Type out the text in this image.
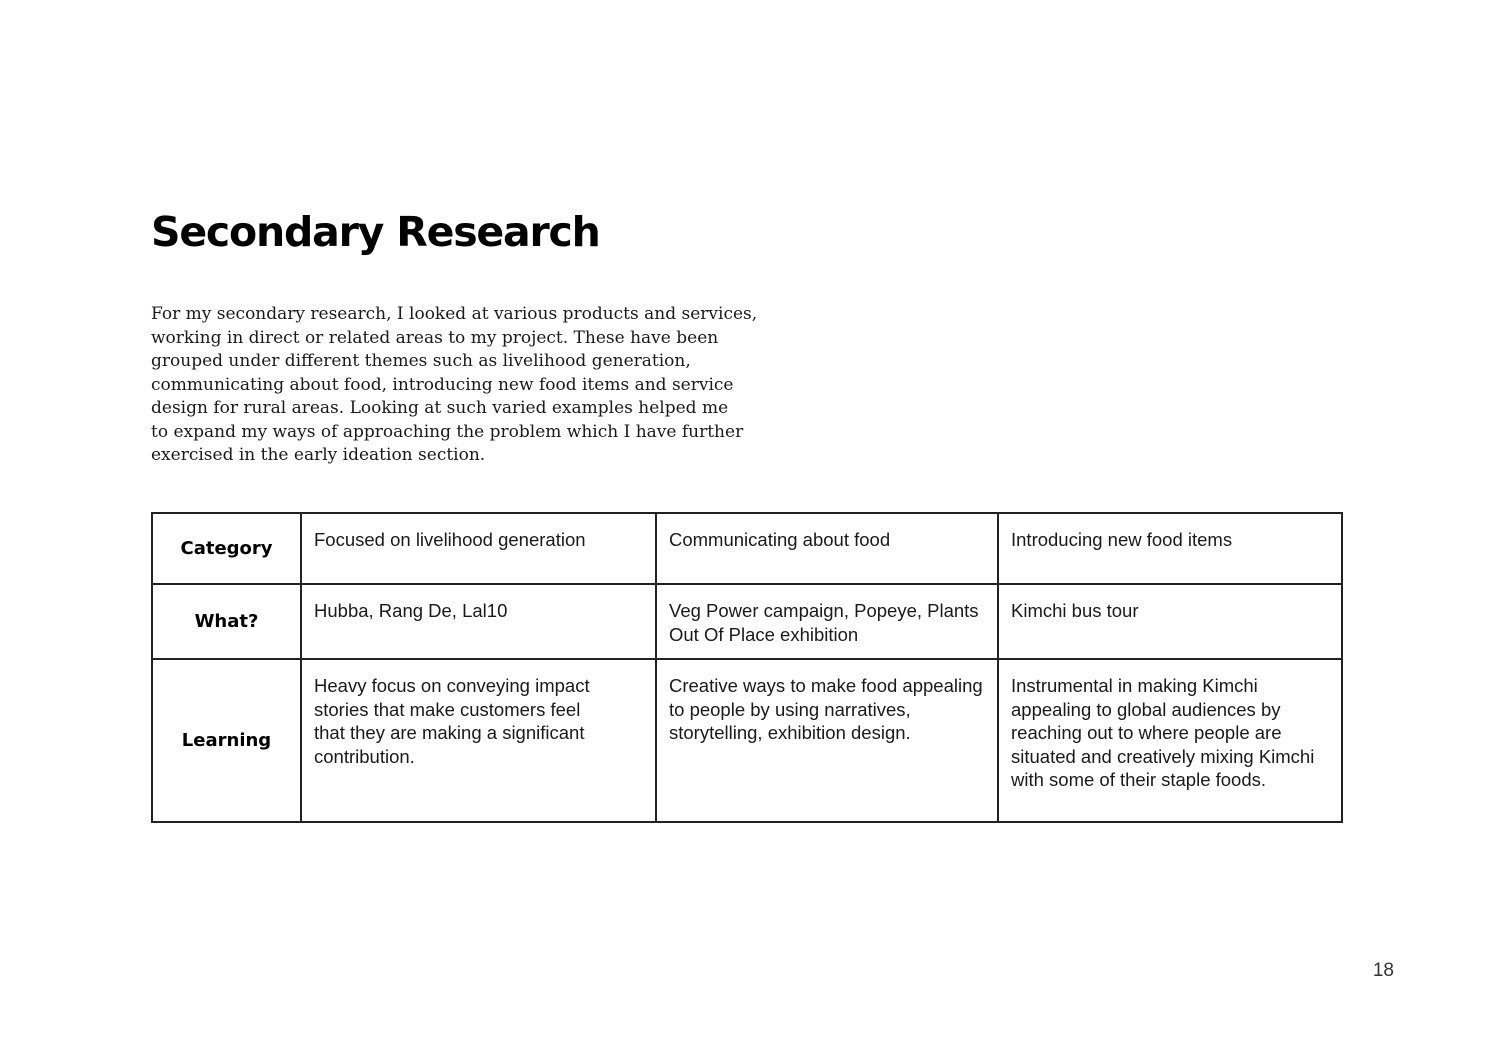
Secondary Research

For my secondary research, I looked at various products and services,
working in direct or related areas to my project. These have been
grouped under different themes such as livelihood generation,
communicating about food, introducing new food items and service
design for rural areas. Looking at such varied examples helped me
to expand my ways of approaching the problem which I have further
exercised in the early ideation section.

Category	Focused on livelihood generation	Communicating about food	Introducing new food items

What?	Hubba, Rang De, Lal10	Veg Power campaign, Popeye, Plants
Out Of Place exhibition	Kimchi bus tour

Learning	Heavy focus on conveying impact
stories that make customers feel
that they are making a significant
contribution.	Creative ways to make food appealing
to people by using narratives,
storytelling, exhibition design.	Instrumental in making Kimchi
appealing to global audiences by
reaching out to where people are
situated and creatively mixing Kimchi
with some of their staple foods.
18
